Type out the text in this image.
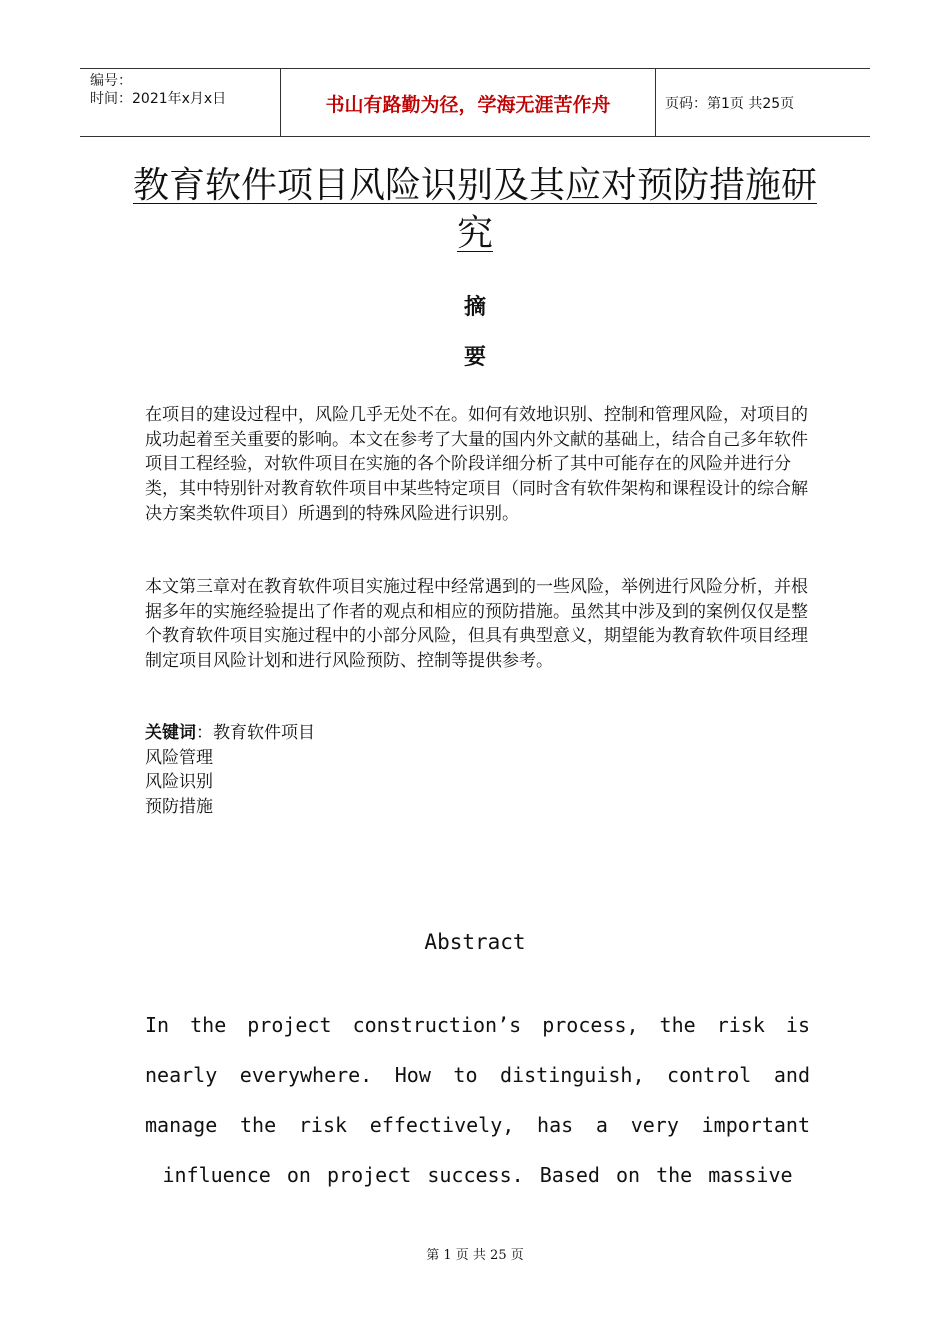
编号：
时间：2021年x月x日	书山有路勤为径，学海无涯苦作舟	页码：第1页 共25页
教育软件项目风险识别及其应对预防措施研究
摘
要

在项目的建设过程中，风险几乎无处不在。如何有效地识别、控制和管理风险，对项目的成功起着至关重要的影响。本文在参考了大量的国内外文献的基础上，结合自己多年软件项目工程经验，对软件项目在实施的各个阶段详细分析了其中可能存在的风险并进行分类，其中特别针对教育软件项目中某些特定项目（同时含有软件架构和课程设计的综合解决方案类软件项目）所遇到的特殊风险进行识别。

本文第三章对在教育软件项目实施过程中经常遇到的一些风险，举例进行风险分析，并根据多年的实施经验提出了作者的观点和相应的预防措施。虽然其中涉及到的案例仅仅是整个教育软件项目实施过程中的小部分风险，但具有典型意义，期望能为教育软件项目经理制定项目风险计划和进行风险预防、控制等提供参考。

关键词：教育软件项目
风险管理
风险识别
预防措施
Abstract

In the project construction’s process, the risk is nearly everywhere. How to distinguish, control and manage the risk effectively, has a very important influence on project success. Based on the massive

第 1 页 共 25 页
